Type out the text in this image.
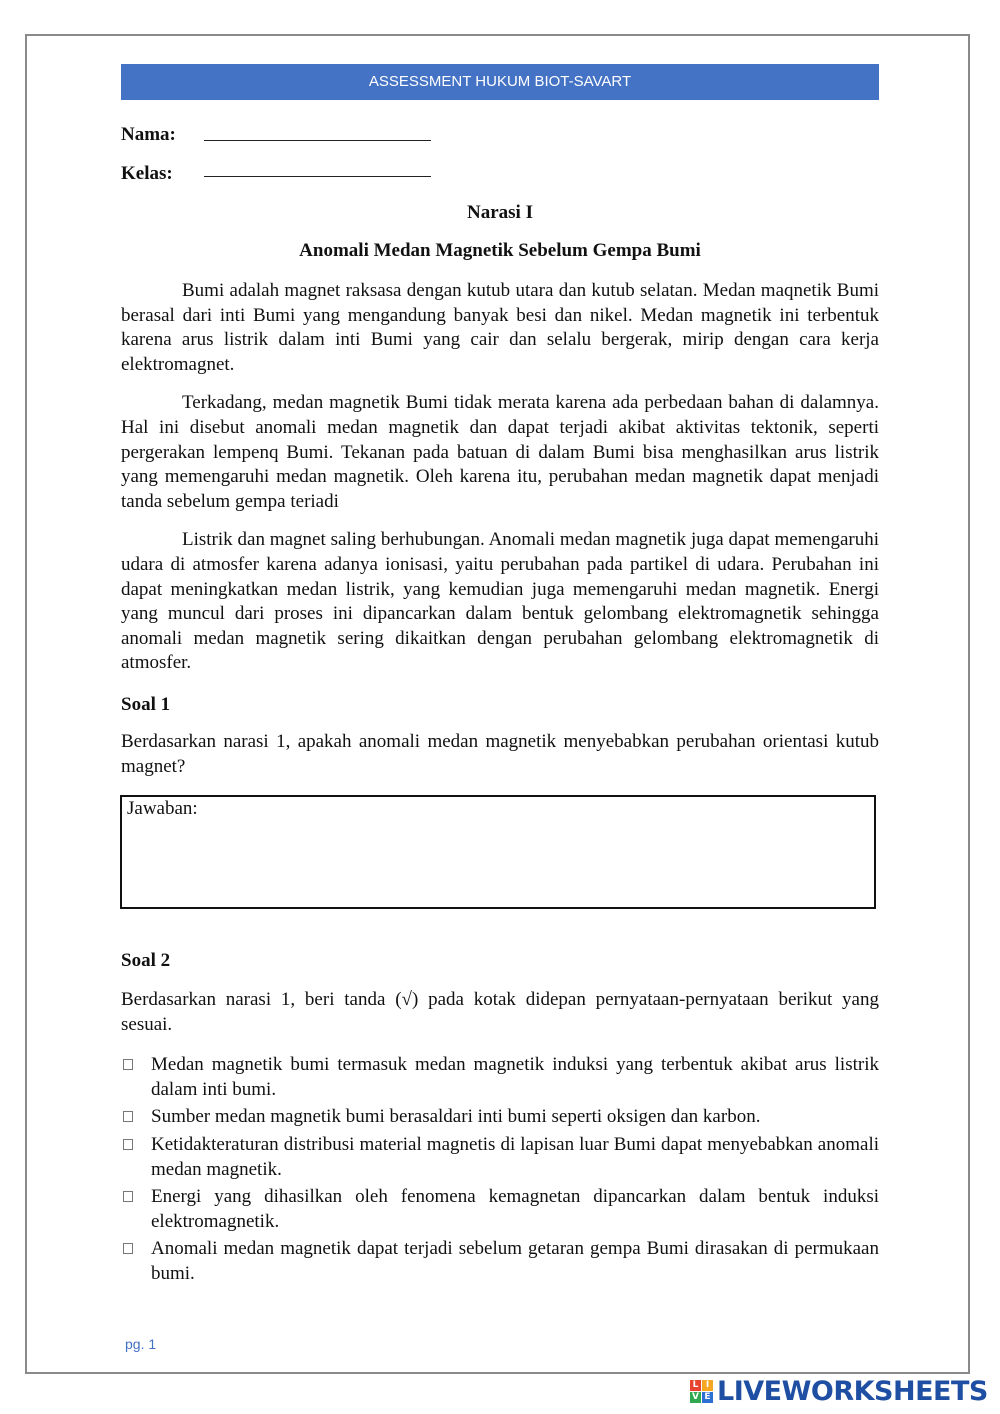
ASSESSMENT HUKUM BIOT-SAVART
Nama:
Kelas:
Narasi I
Anomali Medan Magnetik Sebelum Gempa Bumi

Bumi adalah magnet raksasa dengan kutub utara dan kutub selatan. Medan maqnetik Bumi berasal dari inti Bumi yang mengandung banyak besi dan nikel. Medan magnetik ini terbentuk karena arus listrik dalam inti Bumi yang cair dan selalu bergerak, mirip dengan cara kerja elektromagnet.

Terkadang, medan magnetik Bumi tidak merata karena ada perbedaan bahan di dalamnya. Hal ini disebut anomali medan magnetik dan dapat terjadi akibat aktivitas tektonik, seperti pergerakan lempenq Bumi. Tekanan pada batuan di dalam Bumi bisa menghasilkan arus listrik yang memengaruhi medan magnetik. Oleh karena itu, perubahan medan magnetik dapat menjadi tanda sebelum gempa teriadi

Listrik dan magnet saling berhubungan. Anomali medan magnetik juga dapat memengaruhi udara di atmosfer karena adanya ionisasi, yaitu perubahan pada partikel di udara. Perubahan ini dapat meningkatkan medan listrik, yang kemudian juga memengaruhi medan magnetik. Energi yang muncul dari proses ini dipancarkan dalam bentuk gelombang elektromagnetik sehingga anomali medan magnetik sering dikaitkan dengan perubahan gelombang elektromagnetik di atmosfer.

Soal 1

Berdasarkan narasi 1, apakah anomali medan magnetik menyebabkan perubahan orientasi kutub magnet?

Jawaban:

Soal 2

Berdasarkan narasi 1, beri tanda (√) pada kotak didepan pernyataan-pernyataan berikut yang sesuai.

Medan magnetik bumi termasuk medan magnetik induksi yang terbentuk akibat arus listrik dalam inti bumi.
Sumber medan magnetik bumi berasaldari inti bumi seperti oksigen dan karbon.
Ketidakteraturan distribusi material magnetis di lapisan luar Bumi dapat menyebabkan anomali medan magnetik.
Energi yang dihasilkan oleh fenomena kemagnetan dipancarkan dalam bentuk induksi elektromagnetik.
Anomali medan magnetik dapat terjadi sebelum getaran gempa Bumi dirasakan di permukaan bumi.
pg. 1
L I
V E LIVEWORKSHEETS
